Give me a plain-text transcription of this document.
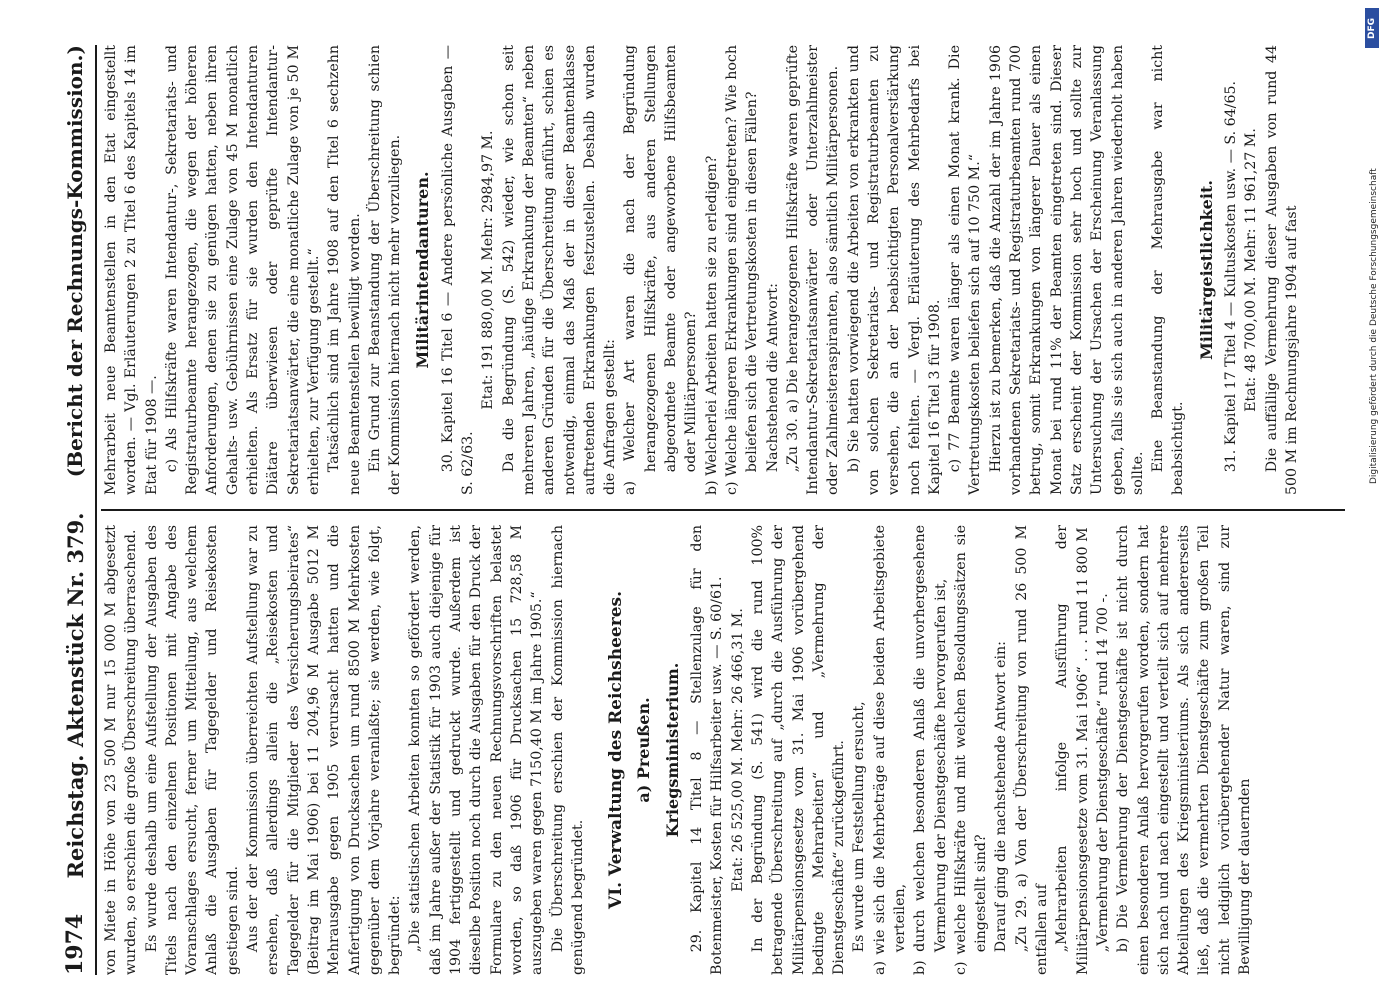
1974
Reichstag. Aktenstück Nr. 379.
(Bericht der Rechnungs-Kommission.)

von Miete in Höhe von 23 500 M nur 15 000 M abgesetzt wurden, so erschien die große Überschreitung überraschend. Es wurde deshalb um eine Aufstellung der Ausgaben des Titels nach den einzelnen Positionen mit Angabe des Voranschlages ersucht, ferner um Mitteilung, aus welchem Anlaß die Ausgaben für Tagegelder und Reisekosten gestiegen sind. Aus der der Kommission überreichten Aufstellung war zu ersehen, daß allerdings allein die „Reisekosten und Tagegelder für die Mitglieder des Versicherungsbeirates“ (Beitrag im Mai 1906) bei 11 204,96 M Ausgabe 5012 M Mehrausgabe gegen 1905 verursacht hatten und die Anfertigung von Drucksachen um rund 8500 M Mehrkosten gegenüber dem Vorjahre veranlaßte; sie werden, wie folgt, begründet: „Die statistischen Arbeiten konnten so gefördert werden, daß im Jahre außer der Statistik für 1903 auch diejenige für 1904 fertiggestellt und gedruckt wurde. Außerdem ist dieselbe Position noch durch die Ausgaben für den Druck der Formulare zu den neuen Rechnungsvorschriften belastet worden, so daß 1906 für Drucksachen 15 728,58 M auszugeben waren gegen 7150,40 M im Jahre 1905.“ Die Überschreitung erschien der Kommission hiernach genügend begründet. VI. Verwaltung des Reichsheeres. a) Preußen. Kriegsministerium. 29. Kapitel 14 Titel 8 — Stellenzulage für den Botenmeister, Kosten für Hilfsarbeiter usw. — S. 60/61. Etat: 26 525,00 M. Mehr: 26 466,31 M. In der Begründung (S. 541) wird die rund 100% betragende Überschreitung auf „durch die Ausführung der Militärpensionsgesetze vom 31. Mai 1906 vorübergehend bedingte Mehrarbeiten“ und „Vermehrung der Dienstgeschäfte“ zurückgeführt. Es wurde um Feststellung ersucht, a) wie sich die Mehrbeträge auf diese beiden Arbeitsgebiete verteilen, b) durch welchen besonderen Anlaß die unvorhergesehene Vermehrung der Dienstgeschäfte hervorgerufen ist, c) welche Hilfskräfte und mit welchen Besoldungssätzen sie eingestellt sind? Darauf ging die nachstehende Antwort ein: „Zu 29. a) Von der Überschreitung von rund 26 500 M entfallen auf „Mehrarbeiten infolge Ausführung der Militärpensionsgesetze vom 31. Mai 1906“ . . . rund 11 800 M „Vermehrung der Dienstgeschäfte“ rund 14 700 -. b) Die Vermehrung der Dienstgeschäfte ist nicht durch einen besonderen Anlaß hervorgerufen worden, sondern hat sich nach und nach eingestellt und verteilt sich auf mehrere Abteilungen des Kriegsministeriums. Als sich andererseits ließ, daß die vermehrten Dienstgeschäfte zum großen Teil nicht lediglich vorübergehender Natur waren, sind zur Bewilligung der dauernden

Mehrarbeit neue Beamtenstellen in den Etat eingestellt worden. — Vgl. Erläuterungen 2 zu Titel 6 des Kapitels 14 im Etat für 1908 —. c) Als Hilfskräfte waren Intendantur-, Sekretariats- und Registraturbeamte herangezogen, die wegen der höheren Anforderungen, denen sie zu genügen hatten, neben ihren Gehalts- usw. Gebührnissen eine Zulage von 45 M monatlich erhielten. Als Ersatz für sie wurden den Intendanturen Diätare überwiesen oder geprüfte Intendantur-Sekretariatsanwärter, die eine monatliche Zulage von je 50 M erhielten, zur Verfügung gestellt.“ Tatsächlich sind im Jahre 1908 auf den Titel 6 sechzehn neue Beamtenstellen bewilligt worden. Ein Grund zur Beanstandung der Überschreitung schien der Kommission hiernach nicht mehr vorzuliegen. Militärintendanturen. 30. Kapitel 16 Titel 6 — Andere persönliche Ausgaben — S. 62/63.

Etat: 191 880,00 M. Mehr: 2984,97 M. Da die Begründung (S. 542) wieder, wie schon seit mehreren Jahren, „häufige Erkrankung der Beamten“ neben anderen Gründen für die Überschreitung anführt, schien es notwendig, einmal das Maß der in dieser Beamtenklasse auftretenden Erkrankungen festzustellen. Deshalb wurden die Anfragen gestellt: a) Welcher Art waren die nach der Begründung herangezogenen Hilfskräfte, aus anderen Stellungen abgeordnete Beamte oder angeworbene Hilfsbeamten oder Militärpersonen? b) Welcherlei Arbeiten hatten sie zu erledigen? c) Welche längeren Erkrankungen sind eingetreten? Wie hoch beliefen sich die Vertretungskosten in diesen Fällen? Nachstehend die Antwort: „Zu 30. a) Die herangezogenen Hilfskräfte waren geprüfte Intendantur-Sekretariatsanwärter oder Unterzahlmeister oder Zahlmeisteraspiranten, also sämtlich Militärpersonen. b) Sie hatten vorwiegend die Arbeiten von erkrankten und von solchen Sekretariats- und Registraturbeamten zu versehen, die an der beabsichtigten Personalverstärkung noch fehlten. — Vergl. Erläuterung des Mehrbedarfs bei Kapitel 16 Titel 3 für 1908. c) 77 Beamte waren länger als einen Monat krank. Die Vertretungskosten beliefen sich auf 10 750 M.“ Hierzu ist zu bemerken, daß die Anzahl der im Jahre 1906 vorhandenen Sekretariats- und Registraturbeamten rund 700 betrug, somit Erkrankungen von längerer Dauer als einen Monat bei rund 11% der Beamten eingetreten sind. Dieser Satz erscheint der Kommission sehr hoch und sollte zur Untersuchung der Ursachen der Erscheinung Veranlassung geben, falls sie sich auch in anderen Jahren wiederholt haben sollte.

Eine Beanstandung der Mehrausgabe war nicht beabsichtigt.

Militärgeistlichkeit. 31. Kapitel 17 Titel 4 — Kultuskosten usw. — S. 64/65. Etat: 48 700,00 M. Mehr: 11 961,27 M. Die auffällige Vermehrung dieser Ausgaben von rund 44 500 M im Rechnungsjahre 1904 auf fast

DFG
Digitalisierung gefördert durch die Deutsche Forschungsgemeinschaft
